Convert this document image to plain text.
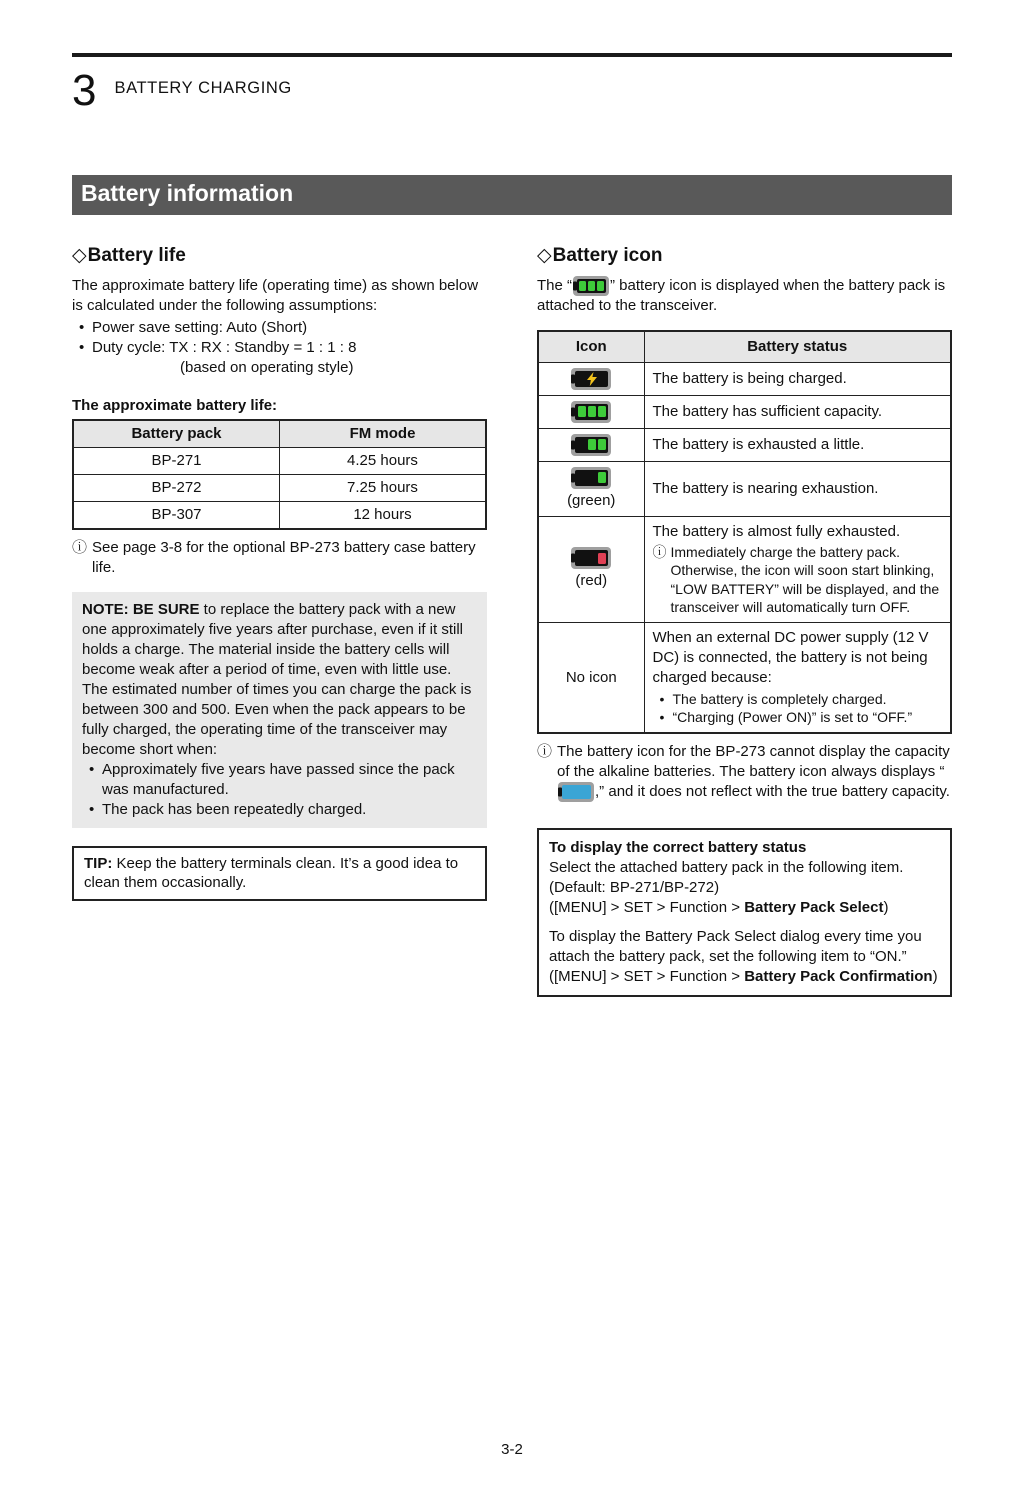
3 BATTERY CHARGING
Battery information
◇ Battery life

The approximate battery life (operating time) as shown below is calculated under the following assumptions:

• Power save setting: Auto (Short)
• Duty cycle: TX : RX : Standby = 1 : 1 : 8
(based on operating style)
The approximate battery life:
Battery pack	FM mode
BP-271	4.25 hours
BP-272	7.25 hours
BP-307	12 hours
ⓘ See page 3-8 for the optional BP-273 battery case battery life.

NOTE: BE SURE to replace the battery pack with a new one approximately five years after purchase, even if it still holds a charge. The material inside the battery cells will become weak after a period of time, even with little use.

The estimated number of times you can charge the pack is between 300 and 500. Even when the pack appears to be fully charged, the operating time of the transceiver may become short when:

• Approximately five years have passed since the pack was manufactured.
• The pack has been repeatedly charged.
TIP: Keep the battery terminals clean. It’s a good idea to clean them occasionally.
◇ Battery icon

The “	” battery icon is displayed when the battery pack is attached to the transceiver.

Icon	Battery status

	The battery is being charged.

	The battery has sufficient capacity.

	The battery is exhausted a little.

(green)	The battery is nearing exhaustion.

(red)	The battery is almost fully exhausted.
ⓘ Immediately charge the battery pack. Otherwise, the icon will soon start blinking, “LOW BATTERY” will be displayed, and the transceiver will automatically turn OFF.

No icon	
When an external DC power supply (12 V DC) is connected, the battery is not being charged because:
• The battery is completely charged.
• “Charging (Power ON)” is set to “OFF.”
ⓘ The battery icon for the BP-273 cannot display the capacity of the alkaline batteries. The battery icon always displays “
,” and it does not reflect with the true battery capacity.
To display the correct battery status
Select the attached battery pack in the following item. (Default: BP-271/BP-272)
([MENU] > SET > Function > Battery Pack Select)
To display the Battery Pack Select dialog every time you attach the battery pack, set the following item to “ON.”
([MENU] > SET > Function > Battery Pack Confirmation)
3-2
